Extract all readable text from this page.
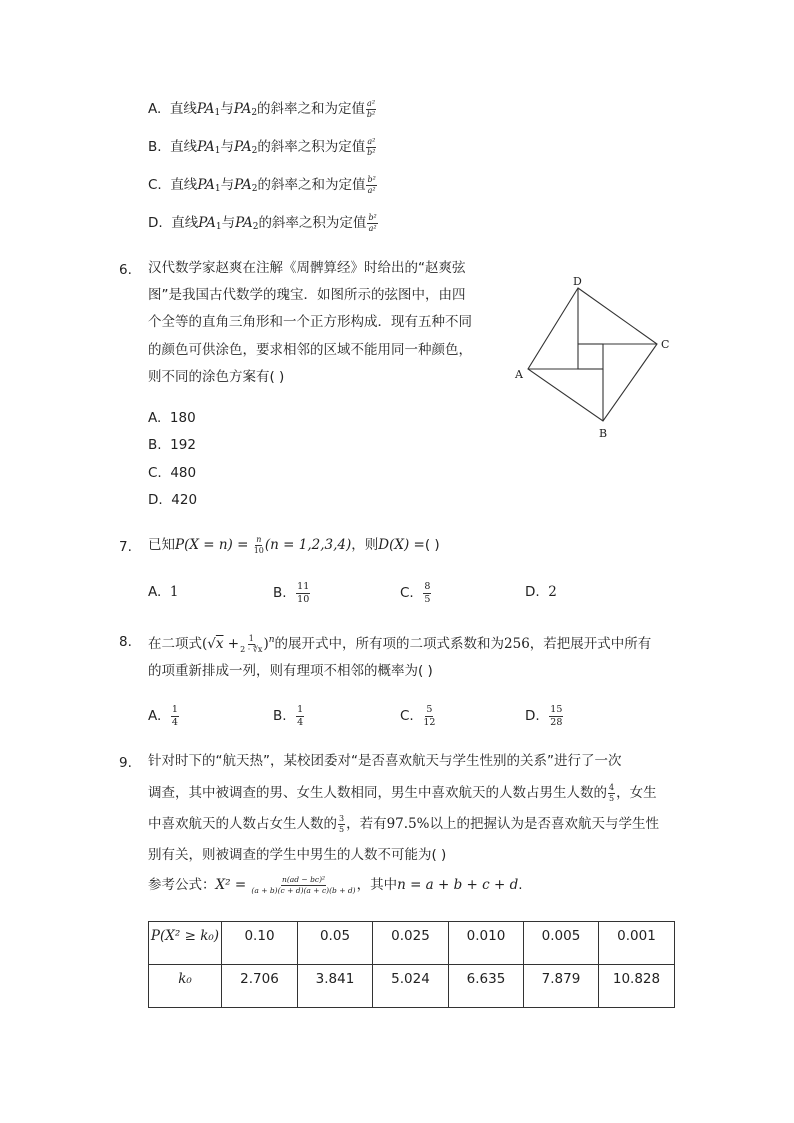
A. 直线$PA_1$与$PA_2$的斜率之和为定值 $\frac{\text{a²}}{\text{b²}}$
B. 直线$PA_1$与$PA_2$的斜率之积为定值 $\frac{\text{a²}}{\text{b²}}$
C. 直线$PA_1$与$PA_2$的斜率之和为定值 $\frac{\text{b²}}{\text{a²}}$
D. 直线$PA_1$与$PA_2$的斜率之积为定值 $\frac{\text{b²}}{\text{a²}}$
6. 汉代数学家赵爽在注解《周髀算经》时给出的“赵爽弦
图”是我国古代数学的瑰宝．如图所示的弦图中，由四
个全等的直角三角形和一个正方形构成．现有五种不同
的颜色可供涂色，要求相邻的区域不能用同一种颜色，
则不同的涂色方案有( )
A. 180
B. 192
C. 480
D. 420
D
C
B
A
7. 已知$P(X = n) = \frac{n}{10} (n = 1,2,3,4)$，则D(X) =( )
A. 1	B. $\frac{11}{10}$	C. $\frac{8}{5}$	D. 2
8. 在二项式$(√x + \frac{1}{2 \cdot ∜x} )^n$的展开式中，所有项的二项式系数和为256，若把展开式中所有
的项重新排成一列，则有理项不相邻的概率为( )
A. $\frac{1}{4}$	B. $\frac{1}{4}$	C. $\frac{5}{12}$	D. $\frac{15}{28}$
9. 针对时下的“航天热”，某校团委对“是否喜欢航天与学生性别的关系”进行了一次
调查，其中被调查的男、女生人数相同，男生中喜欢航天的人数占男生人数的 $\frac{4}{5}$ ，女生
中喜欢航天的人数占女生人数的 $\frac{3}{5}$ ，若有97.5%以上的把握认为是否喜欢航天与学生性
别有关，则被调查的学生中男生的人数不可能为( )
参考公式：$X^2 = \frac{\text{n(ad − bc)²}}{(a + b)(c + d)(a + c)(b + d)}$ ，其中n = a + b + c + d.
P(X² ≥ k₀)	0.10	0.05	0.025	0.010	0.005	0.001
k₀	2.706	3.841	5.024	6.635	7.879	10.828
